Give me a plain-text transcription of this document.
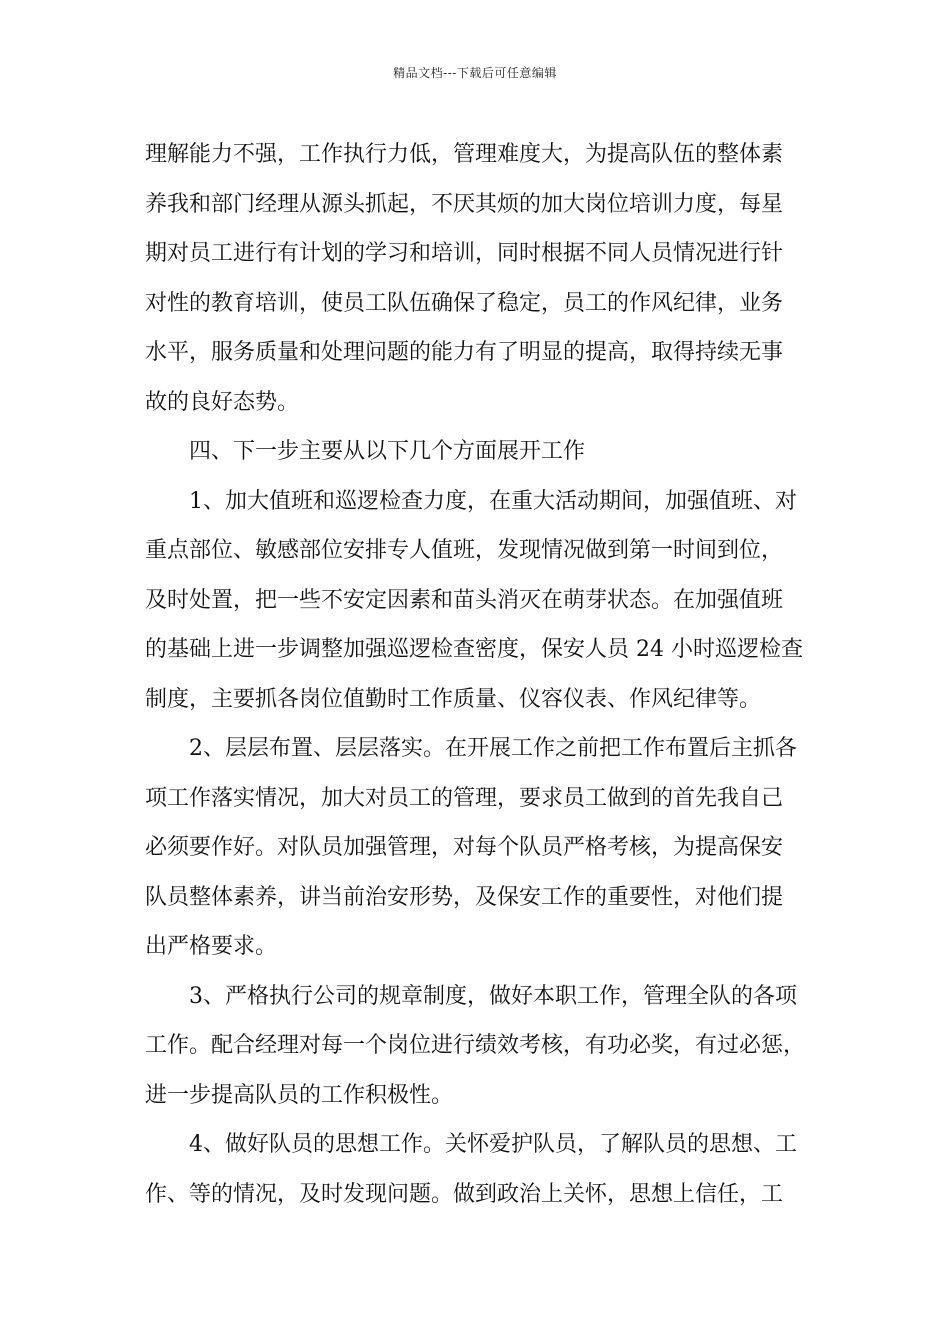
精品文档---下载后可任意编辑
理解能力不强，工作执行力低，管理难度大，为提高队伍的整体素
养我和部门经理从源头抓起，不厌其烦的加大岗位培训力度，每星
期对员工进行有计划的学习和培训，同时根据不同人员情况进行针
对性的教育培训，使员工队伍确保了稳定，员工的作风纪律，业务
水平，服务质量和处理问题的能力有了明显的提高，取得持续无事
故的良好态势。
四、下一步主要从以下几个方面展开工作
1、加大值班和巡逻检查力度，在重大活动期间，加强值班、对
重点部位、敏感部位安排专人值班，发现情况做到第一时间到位，
及时处置，把一些不安定因素和苗头消灭在萌芽状态。在加强值班
的基础上进一步调整加强巡逻检查密度，保安人员 24 小时巡逻检查
制度，主要抓各岗位值勤时工作质量、仪容仪表、作风纪律等。
2、层层布置、层层落实。在开展工作之前把工作布置后主抓各
项工作落实情况，加大对员工的管理，要求员工做到的首先我自己
必须要作好。对队员加强管理，对每个队员严格考核，为提高保安
队员整体素养，讲当前治安形势，及保安工作的重要性，对他们提
出严格要求。
3、严格执行公司的规章制度，做好本职工作，管理全队的各项
工作。配合经理对每一个岗位进行绩效考核，有功必奖，有过必惩，
进一步提高队员的工作积极性。
4、做好队员的思想工作。关怀爱护队员，了解队员的思想、工
作、等的情况，及时发现问题。做到政治上关怀，思想上信任，工
